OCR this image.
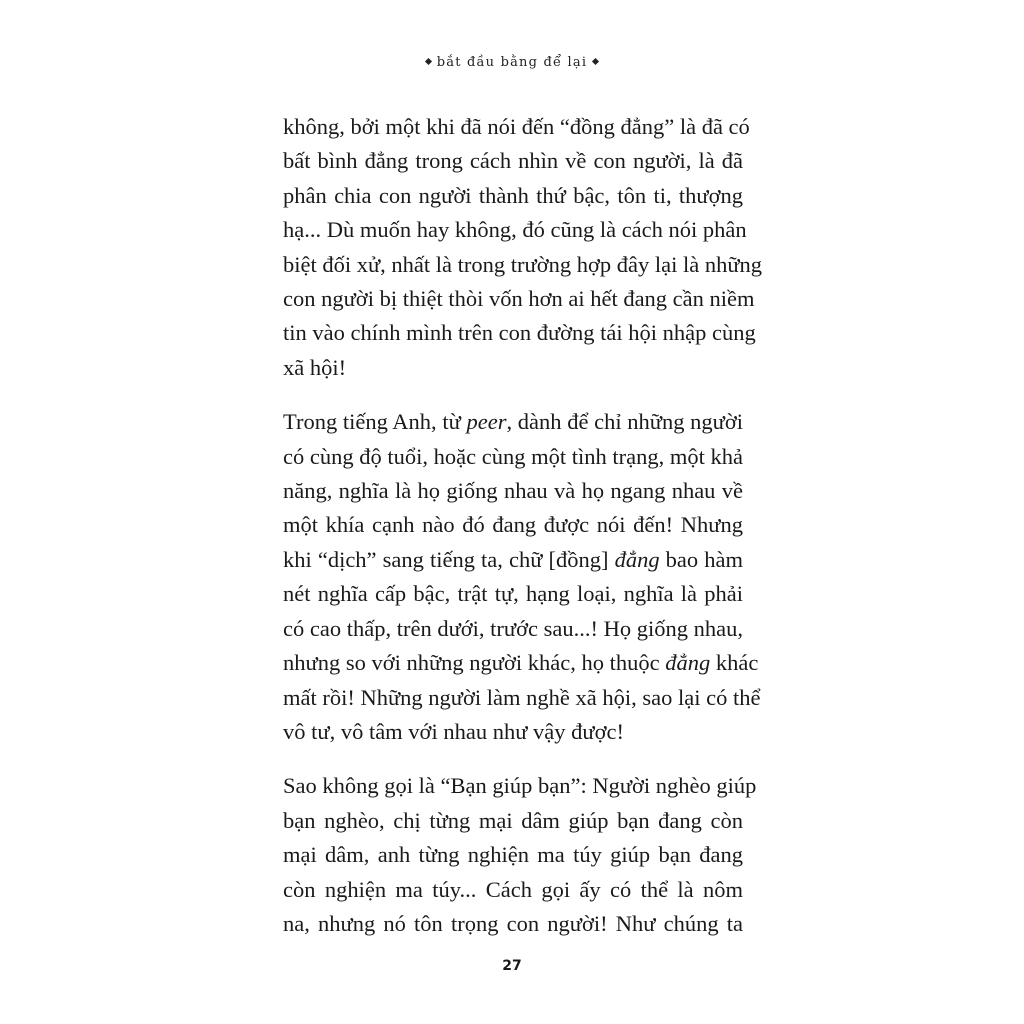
bắt đầu bằng để lại
không, bởi một khi đã nói đến “đồng đẳng” là đã có
bất bình đẳng trong cách nhìn về con người, là đã
phân chia con người thành thứ bậc, tôn ti, thượng
hạ... Dù muốn hay không, đó cũng là cách nói phân
biệt đối xử, nhất là trong trường hợp đây lại là những
con người bị thiệt thòi vốn hơn ai hết đang cần niềm
tin vào chính mình trên con đường tái hội nhập cùng
xã hội!
Trong tiếng Anh, từ peer, dành để chỉ những người
có cùng độ tuổi, hoặc cùng một tình trạng, một khả
năng, nghĩa là họ giống nhau và họ ngang nhau về
một khía cạnh nào đó đang được nói đến! Nhưng
khi “dịch” sang tiếng ta, chữ [đồng] đẳng bao hàm
nét nghĩa cấp bậc, trật tự, hạng loại, nghĩa là phải
có cao thấp, trên dưới, trước sau...! Họ giống nhau,
nhưng so với những người khác, họ thuộc đẳng khác
mất rồi! Những người làm nghề xã hội, sao lại có thể
vô tư, vô tâm với nhau như vậy được!
Sao không gọi là “Bạn giúp bạn”: Người nghèo giúp
bạn nghèo, chị từng mại dâm giúp bạn đang còn
mại dâm, anh từng nghiện ma túy giúp bạn đang
còn nghiện ma túy... Cách gọi ấy có thể là nôm
na, nhưng nó tôn trọng con người! Như chúng ta
27
